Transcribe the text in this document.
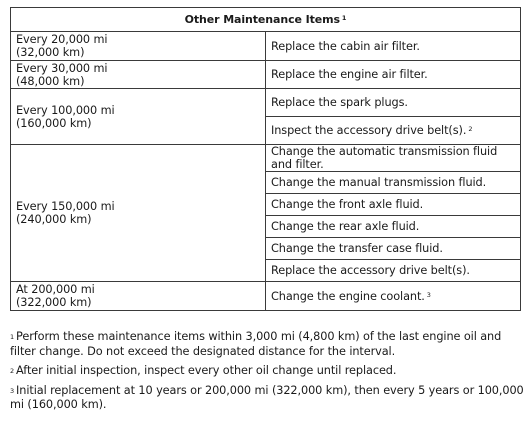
Other Maintenance Items $^1$
Every 20,000 mi
(32,000 km)	Replace the cabin air filter.
Every 30,000 mi
(48,000 km)	Replace the engine air filter.
Every 100,000 mi
(160,000 km)	Replace the spark plugs.
	Inspect the accessory drive belt(s). $^2$
Every 150,000 mi
(240,000 km)	Change the automatic transmission fluid and filter.
	Change the manual transmission fluid.
	Change the front axle fluid.
	Change the rear axle fluid.
	Change the transfer case fluid.
	Replace the accessory drive belt(s).
At 200,000 mi
(322,000 km)	Change the engine coolant. $^3$

$^1$ Perform these maintenance items within 3,000 mi (4,800 km) of the last engine oil and filter change. Do not exceed the designated distance for the interval.

$^2$ After initial inspection, inspect every other oil change until replaced.

$^3$ Initial replacement at 10 years or 200,000 mi (322,000 km), then every 5 years or 100,000 mi (160,000 km).
